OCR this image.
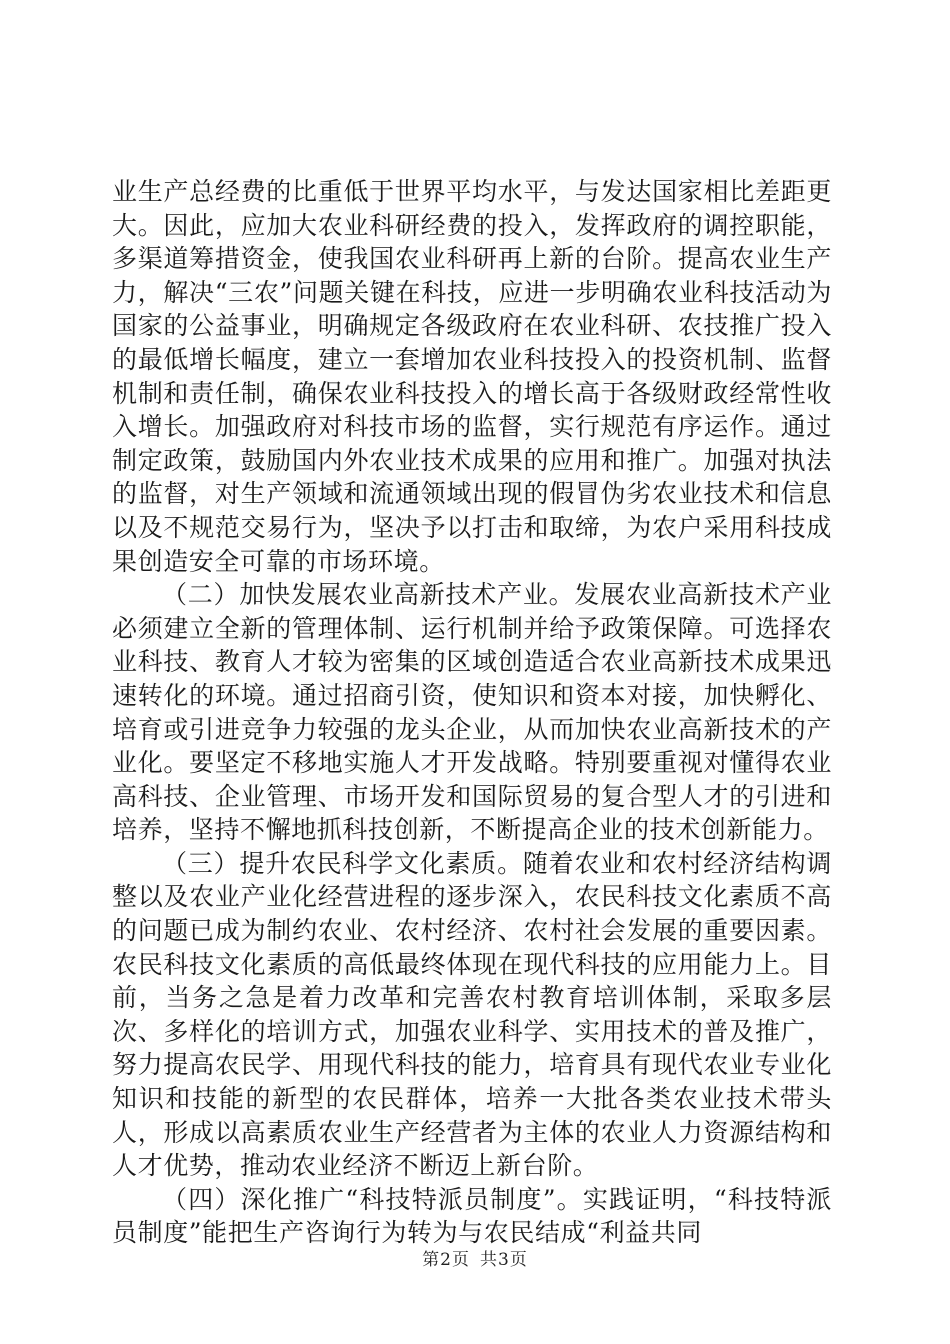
业生产总经费的比重低于世界平均水平，与发达国家相比差距更大。因此，应加大农业科研经费的投入，发挥政府的调控职能，多渠道筹措资金，使我国农业科研再上新的台阶。提高农业生产力，解决“三农”问题关键在科技，应进一步明确农业科技活动为国家的公益事业，明确规定各级政府在农业科研、农技推广投入的最低增长幅度，建立一套增加农业科技投入的投资机制、监督机制和责任制，确保农业科技投入的增长高于各级财政经常性收入增长。加强政府对科技市场的监督，实行规范有序运作。通过制定政策，鼓励国内外农业技术成果的应用和推广。加强对执法的监督，对生产领域和流通领域出现的假冒伪劣农业技术和信息以及不规范交易行为，坚决予以打击和取缔，为农户采用科技成果创造安全可靠的市场环境。

（二）加快发展农业高新技术产业。发展农业高新技术产业必须建立全新的管理体制、运行机制并给予政策保障。可选择农业科技、教育人才较为密集的区域创造适合农业高新技术成果迅速转化的环境。通过招商引资，使知识和资本对接，加快孵化、培育或引进竞争力较强的龙头企业，从而加快农业高新技术的产业化。要坚定不移地实施人才开发战略。特别要重视对懂得农业高科技、企业管理、市场开发和国际贸易的复合型人才的引进和培养，坚持不懈地抓科技创新，不断提高企业的技术创新能力。

（三）提升农民科学文化素质。随着农业和农村经济结构调整以及农业产业化经营进程的逐步深入，农民科技文化素质不高的问题已成为制约农业、农村经济、农村社会发展的重要因素。农民科技文化素质的高低最终体现在现代科技的应用能力上。目前，当务之急是着力改革和完善农村教育培训体制，采取多层次、多样化的培训方式，加强农业科学、实用技术的普及推广，努力提高农民学、用现代科技的能力，培育具有现代农业专业化知识和技能的新型的农民群体，培养一大批各类农业技术带头人，形成以高素质农业生产经营者为主体的农业人力资源结构和人才优势，推动农业经济不断迈上新台阶。

（四）深化推广“科技特派员制度”。实践证明，“科技特派员制度”能把生产咨询行为转为与农民结成“利益共同

第2页 共3页
